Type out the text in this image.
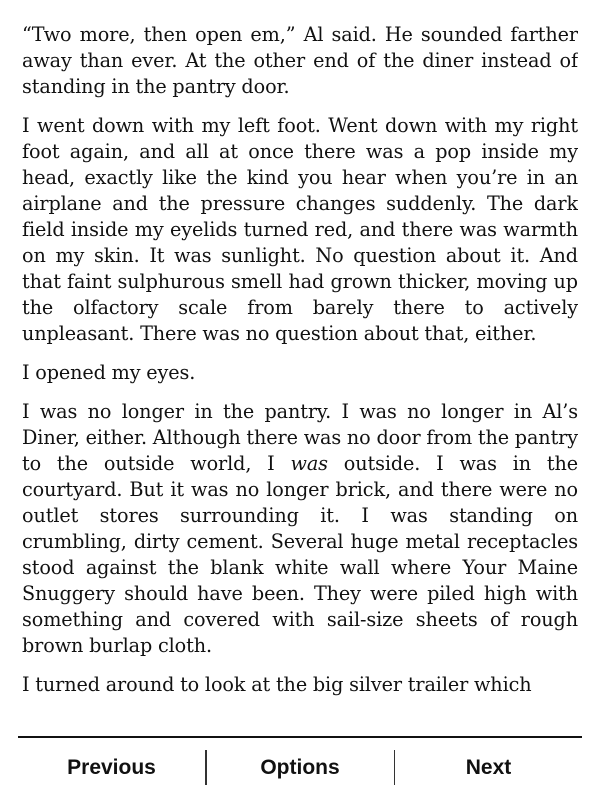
“Two more, then open em,” Al said. He sounded farther away than ever. At the other end of the diner instead of standing in the pantry door.

I went down with my left foot. Went down with my right foot again, and all at once there was a pop inside my head, exactly like the kind you hear when you’re in an airplane and the pressure changes suddenly. The dark field inside my eyelids turned red, and there was warmth on my skin. It was sunlight. No question about it. And that faint sulphurous smell had grown thicker, moving up the olfactory scale from barely there to actively unpleasant. There was no question about that, either.

I opened my eyes.

I was no longer in the pantry. I was no longer in Al’s Diner, either. Although there was no door from the pantry to the outside world, I was outside. I was in the courtyard. But it was no longer brick, and there were no outlet stores surrounding it. I was standing on crumbling, dirty cement. Several huge metal receptacles stood against the blank white wall where Your Maine Snuggery should have been. They were piled high with something and covered with sail-size sheets of rough brown burlap cloth.

I turned around to look at the big silver trailer which

Previous	Options	Next
